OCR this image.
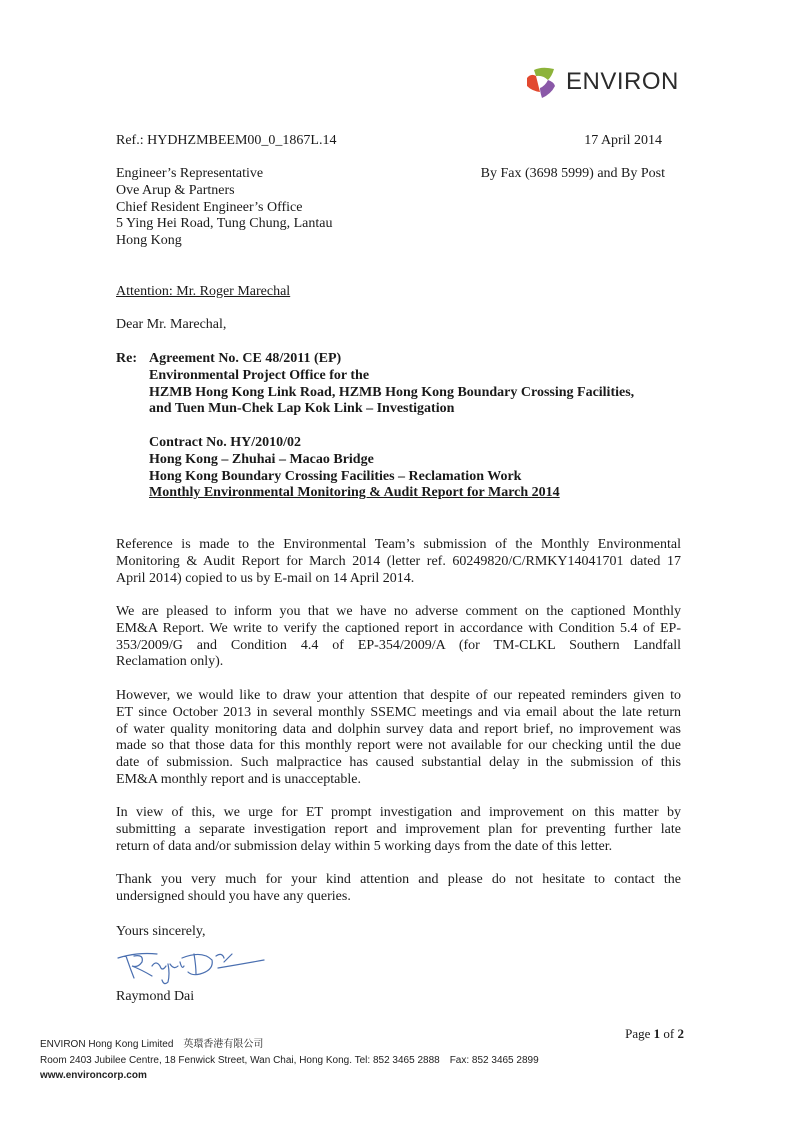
ENVIRON
Ref.: HYDHZMBEEM00_0_1867L.14	17 April 2014
Engineer’s Representative
Ove Arup & Partners
Chief Resident Engineer’s Office
5 Ying Hei Road, Tung Chung, Lantau
Hong Kong
By Fax (3698 5999) and By Post
Attention: Mr. Roger Marechal
Dear Mr. Marechal,
Re: Agreement No. CE 48/2011 (EP)
Environmental Project Office for the
HZMB Hong Kong Link Road, HZMB Hong Kong Boundary Crossing Facilities,
and Tuen Mun-Chek Lap Kok Link – Investigation
Contract No. HY/2010/02
Hong Kong – Zhuhai – Macao Bridge
Hong Kong Boundary Crossing Facilities – Reclamation Work
Monthly Environmental Monitoring & Audit Report for March 2014
Reference is made to the Environmental Team’s submission of the Monthly Environmental
Monitoring & Audit Report for March 2014 (letter ref. 60249820/C/RMKY14041701 dated 17
April 2014) copied to us by E-mail on 14 April 2014.
We are pleased to inform you that we have no adverse comment on the captioned Monthly
EM&A Report. We write to verify the captioned report in accordance with Condition 5.4 of EP-
353/2009/G and Condition 4.4 of EP-354/2009/A (for TM-CLKL Southern Landfall
Reclamation only).
However, we would like to draw your attention that despite of our repeated reminders given to
ET since October 2013 in several monthly SSEMC meetings and via email about the late return
of water quality monitoring data and dolphin survey data and report brief, no improvement was
made so that those data for this monthly report were not available for our checking until the due
date of submission. Such malpractice has caused substantial delay in the submission of this
EM&A monthly report and is unacceptable.
In view of this, we urge for ET prompt investigation and improvement on this matter by
submitting a separate investigation report and improvement plan for preventing further late
return of data and/or submission delay within 5 working days from the date of this letter.
Thank you very much for your kind attention and please do not hesitate to contact the
undersigned should you have any queries.
Yours sincerely,
Raymond Dai
Page 1 of 2
ENVIRON Hong Kong Limited 英環香港有限公司
Room 2403 Jubilee Centre, 18 Fenwick Street, Wan Chai, Hong Kong. Tel: 852 3465 2888 Fax: 852 3465 2899
www.environcorp.com
